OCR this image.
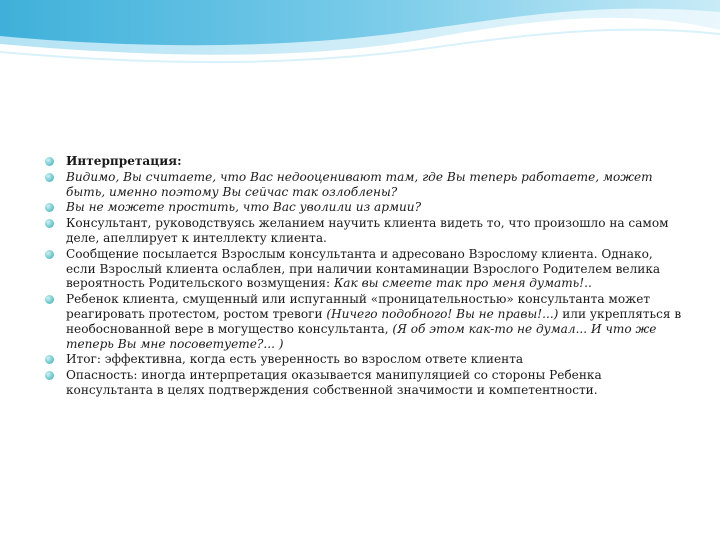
Интерпретация:
Видимо, Вы считаете, что Вас недооценивают там, где Вы теперь работаете, может быть, именно поэтому Вы сейчас так озлоблены?
Вы не можете простить, что Вас уволили из армии?
Консультант, руководствуясь желанием научить клиента видеть то, что произошло на самом деле, апеллирует к интеллекту клиента.
Сообщение посылается Взрослым консультанта и адресовано Взрослому клиента. Однако, если Взрослый клиента ослаблен, при наличии контаминации Взрослого Родителем велика вероятность Родительского возмущения: Как вы смеете так про меня думать!..
Ребенок клиента, смущенный или испуганный «проницательностью» консультанта может реагировать протестом, ростом тревоги (Ничего подобного! Вы не правы!...) или укрепляться в необоснованной вере в могущество консультанта, (Я об этом как-то не думал... И что же теперь Вы мне посоветуете?... )
Итог: эффективна, когда есть уверенность во взрослом ответе клиента
Опасность: иногда интерпретация оказывается манипуляцией со стороны Ребенка консультанта в целях подтверждения собственной значимости и компетентности.
